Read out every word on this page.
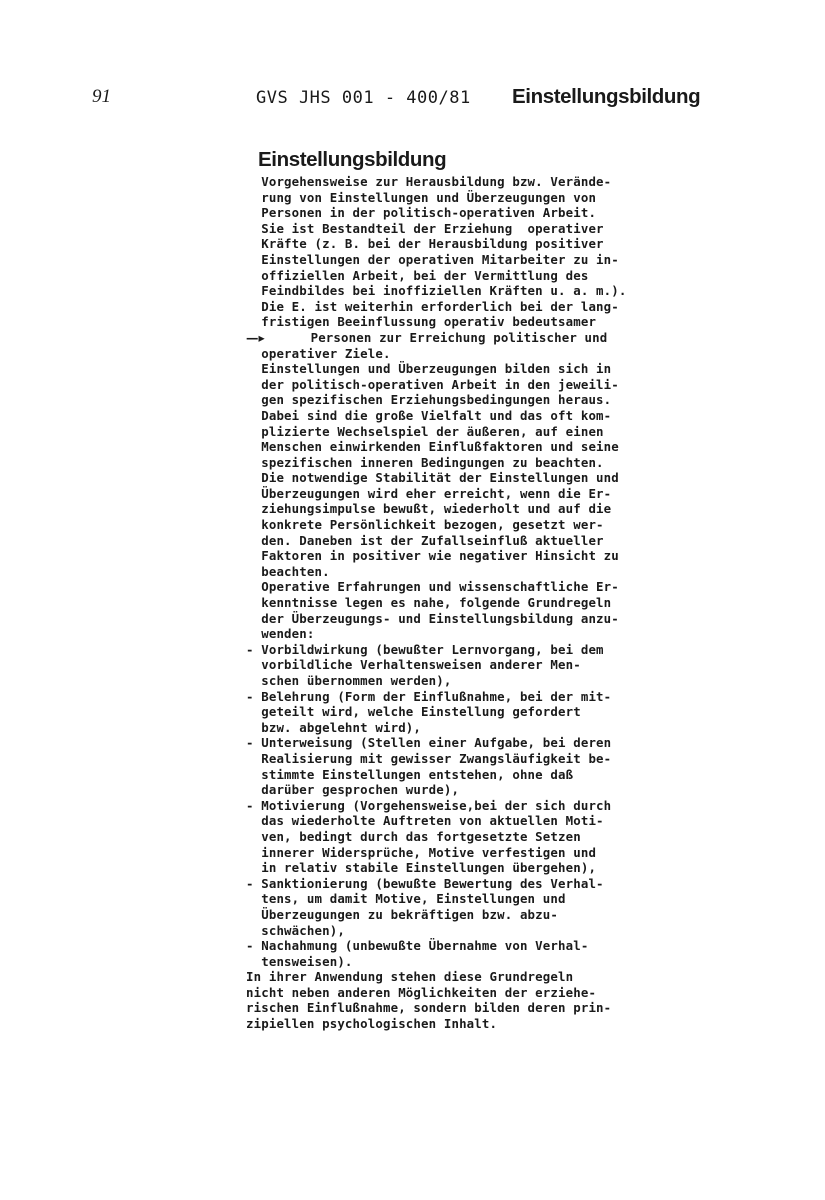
91	GVS JHS 001 - 400/81 Einstellungsbildung
Einstellungsbildung
Vorgehensweise zur Herausbildung bzw. Verände-
rung von Einstellungen und Überzeugungen von
Personen in der politisch-operativen Arbeit.
Sie ist Bestandteil der Erziehung  operativer
Kräfte (z. B. bei der Herausbildung positiver
Einstellungen der operativen Mitarbeiter zu in-
offiziellen Arbeit, bei der Vermittlung des
Feindbildes bei inoffiziellen Kräften u. a. m.).
Die E. ist weiterhin erforderlich bei der lang-
fristigen Beeinflussung operativ bedeutsamer
—▸      Personen zur Erreichung politischer und
operativer Ziele.
Einstellungen und Überzeugungen bilden sich in
der politisch-operativen Arbeit in den jeweili-
gen spezifischen Erziehungsbedingungen heraus.
Dabei sind die große Vielfalt und das oft kom-
plizierte Wechselspiel der äußeren, auf einen
Menschen einwirkenden Einflußfaktoren und seine
spezifischen inneren Bedingungen zu beachten.
Die notwendige Stabilität der Einstellungen und
Überzeugungen wird eher erreicht, wenn die Er-
ziehungsimpulse bewußt, wiederholt und auf die
konkrete Persönlichkeit bezogen, gesetzt wer-
den. Daneben ist der Zufallseinfluß aktueller
Faktoren in positiver wie negativer Hinsicht zu
beachten.
Operative Erfahrungen und wissenschaftliche Er-
kenntnisse legen es nahe, folgende Grundregeln
der Überzeugungs- und Einstellungsbildung anzu-
wenden:
- Vorbildwirkung (bewußter Lernvorgang, bei dem
vorbildliche Verhaltensweisen anderer Men-
schen übernommen werden),
- Belehrung (Form der Einflußnahme, bei der mit-
geteilt wird, welche Einstellung gefordert
bzw. abgelehnt wird),
- Unterweisung (Stellen einer Aufgabe, bei deren
Realisierung mit gewisser Zwangsläufigkeit be-
stimmte Einstellungen entstehen, ohne daß
darüber gesprochen wurde),
- Motivierung (Vorgehensweise,bei der sich durch
das wiederholte Auftreten von aktuellen Moti-
ven, bedingt durch das fortgesetzte Setzen
innerer Widersprüche, Motive verfestigen und
in relativ stabile Einstellungen übergehen),
- Sanktionierung (bewußte Bewertung des Verhal-
tens, um damit Motive, Einstellungen und
Überzeugungen zu bekräftigen bzw. abzu-
schwächen),
- Nachahmung (unbewußte Übernahme von Verhal-
tensweisen).
In ihrer Anwendung stehen diese Grundregeln
nicht neben anderen Möglichkeiten der erziehe-
rischen Einflußnahme, sondern bilden deren prin-
zipiellen psychologischen Inhalt.
